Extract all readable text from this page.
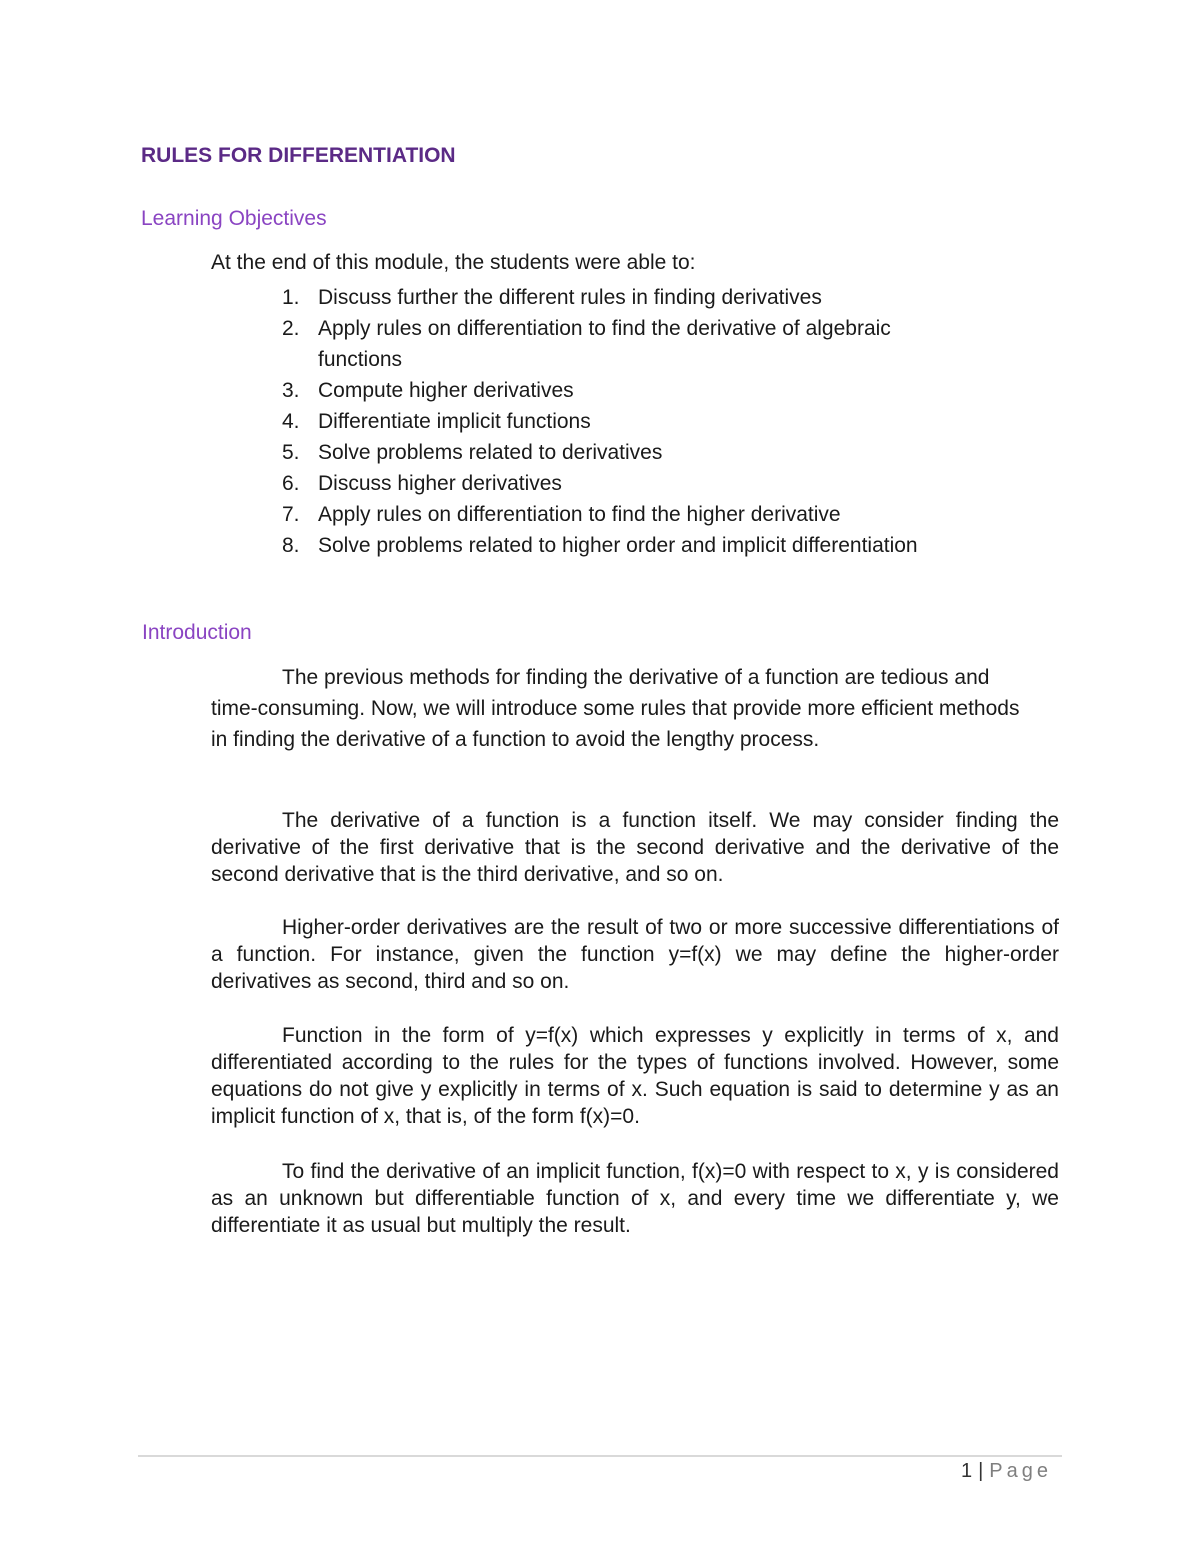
RULES FOR DIFFERENTIATION
Learning Objectives

At the end of this module, the students were able to:

1. Discuss further the different rules in finding derivatives
2. Apply rules on differentiation to find the derivative of algebraic functions
3. Compute higher derivatives
4. Differentiate implicit functions
5. Solve problems related to derivatives
6. Discuss higher derivatives
7. Apply rules on differentiation to find the higher derivative
8. Solve problems related to higher order and implicit differentiation
Introduction

The previous methods for finding the derivative of a function are tedious and time-consuming. Now, we will introduce some rules that provide more efficient methods in finding the derivative of a function to avoid the lengthy process.

The derivative of a function is a function itself. We may consider finding the derivative of the first derivative that is the second derivative and the derivative of the second derivative that is the third derivative, and so on.

Higher-order derivatives are the result of two or more successive differentiations of a function. For instance, given the function y=f(x) we may define the higher-order derivatives as second, third and so on.

Function in the form of y=f(x) which expresses y explicitly in terms of x, and differentiated according to the rules for the types of functions involved. However, some equations do not give y explicitly in terms of x. Such equation is said to determine y as an implicit function of x, that is, of the form f(x)=0.

To find the derivative of an implicit function, f(x)=0 with respect to x, y is considered as an unknown but differentiable function of x, and every time we differentiate y, we differentiate it as usual but multiply the result.

1 | Page
